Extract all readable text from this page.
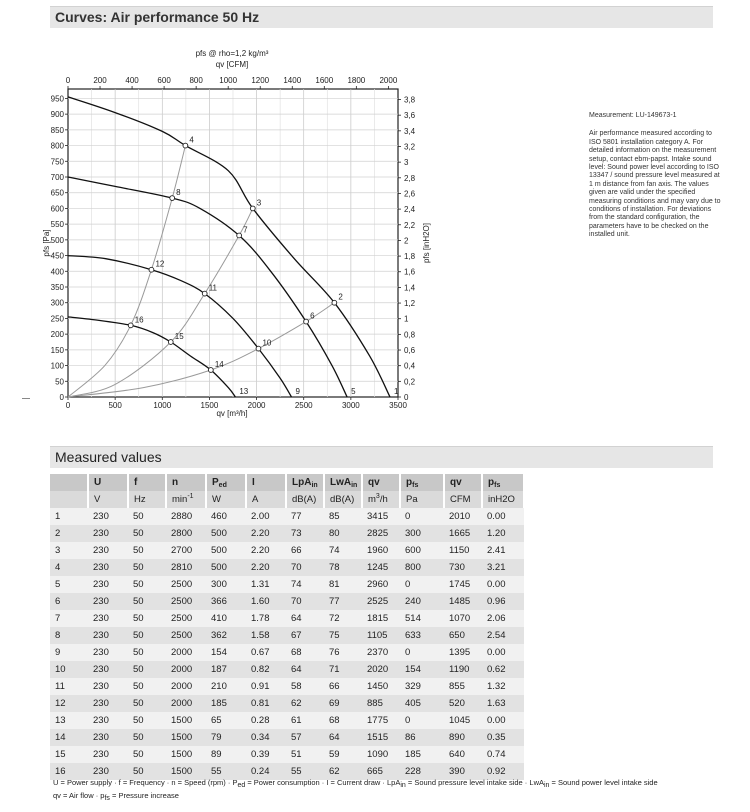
Curves: Air performance 50 Hz
0	500	1000	1500	2000	2500	3000	3500
0	200 400 600 800 1000 1200 1400 1600 1800 2000
0
50
100
150
200
250
300
350
400
450
500
550
600
650
700
750
800
850
900
950
0
0,2
0,4
0,6
0,8
1
1,2
1,4
1,6
1,8
2
2,2
2,4
2,6
2,8
3
3,2
3,4
3,6
3,8
pfs @ rho=1,2 kg/m³
qv [CFM]
qv [m³/h]
pfs [Pa]	pfs [inH2O]
1
2
3
4
5
6
7
8
9
10
11
12
13
14
15
16
Measurement: LU-149673-1
Air performance measured according to ISO 5801 installation category A. For detailed information on the measurement setup, contact ebm-papst. Intake sound level: Sound power level according to ISO 13347 / sound pressure level measured at 1 m distance from fan axis. The values given are valid under the specified measuring conditions and may vary due to conditions of installation. For deviations from the standard configuration, the parameters have to be checked on the installed unit.
Measured values
	U	f	n	$P_{ed}$	I	LpA$_{in}$	LwA$_{in}$	qv	$p_{fs}$	qv	$p_{fs}$
	V	Hz	$\min^{-1}$	W	A	dB(A)	dB(A)	$m^3/h$	Pa	CFM	inH2O
1	230	50	2880	460	2.00	77	85	3415	0	2010	0.00
2	230	50	2800	500	2.20	73	80	2825	300	1665	1.20
3	230	50	2700	500	2.20	66	74	1960	600	1150	2.41
4	230	50	2810	500	2.20	70	78	1245	800	730	3.21
5	230	50	2500	300	1.31	74	81	2960	0	1745	0.00
6	230	50	2500	366	1.60	70	77	2525	240	1485	0.96
7	230	50	2500	410	1.78	64	72	1815	514	1070	2.06
8	230	50	2500	362	1.58	67	75	1105	633	650	2.54
9	230	50	2000	154	0.67	68	76	2370	0	1395	0.00
10	230	50	2000	187	0.82	64	71	2020	154	1190	0.62
11	230	50	2000	210	0.91	58	66	1450	329	855	1.32
12	230	50	2000	185	0.81	62	69	885	405	520	1.63
13	230	50	1500	65	0.28	61	68	1775	0	1045	0.00
14	230	50	1500	79	0.34	57	64	1515	86	890	0.35
15	230	50	1500	89	0.39	51	59	1090	185	640	0.74
16	230	50	1500	55	0.24	55	62	665	228	390	0.92
U = Power supply · f = Frequency · n = Speed $(rpm) \cdot P_{ed}$ = Power consumption · I = Current draw · LpA$_{in}$ = Sound pressure level intake side · LwA$_{in}$ = Sound power level intake side
qv = Air flow · $p_{fs}$ = Pressure increase
